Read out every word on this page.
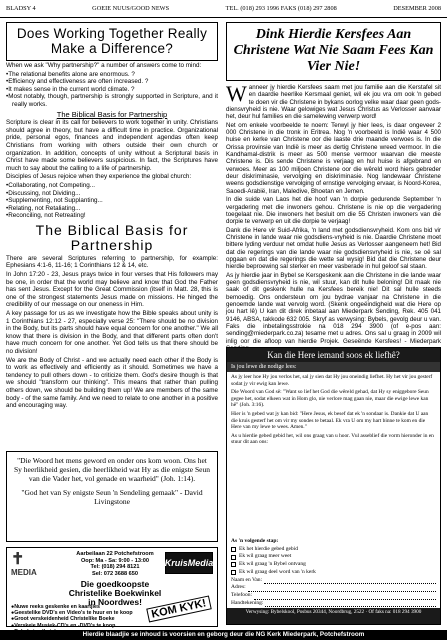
BLADSY 4	GOEIE NUUS/GOOD NEWS	TEL. (018) 293 1996 FAKS (018) 297 2808	DESEMBER 2008
Does Working Together Really Make a Difference?

When we ask "Why partnership?" a number of answers come to mind:

• The relational benefits alone are enormous. ?
• Efficiency and effectiveness are often increased. ?
• It makes sense in the current world climate. ?
• Most notably, though, partnership is strongly supported in Scripture, and it really works.
The Biblical Basis for Partnership

Scripture is clear in its call for believers to work together in unity. Christians should agree in theory, but have a difficult time in practice. Organizational pride, personal egos, finances and independent agendas often keep Christians from working with others outside their own church or organization. In addition, concepts of unity without a Scriptural basis in Christ have made some believers suspicious. In fact, the Scriptures have much to say about the calling to a life of partnership.

Disciples of Jesus rejoice when they experience the global church:

• Collaborating, not Competing...
• Discussing, not Dividing...
• Supplementing, not Supplanting...
• Relating, not Retaliating...
• Reconciling, not Retreating!
The Biblical Basis for Partnership

There are several Scriptures referring to partnership, for example: Ephesians 4:1-6, 11-16; 1 Corinthians 12 & 14, etc.

In John 17:20 - 23, Jesus prays twice in four verses that His followers may be one, in order that the world may believe and know that God the Father has sent Jesus. Except for the Great Commission (itself in Matt. 28, this is one of the strongest statements Jesus made on missions. He hinged the credibility of our message on our oneness in Him.

A key passage for us as we investigate how the Bible speaks about unity is 1 Corinthians 12:12 - 27, especially verse 25: "There should be no division in the Body, but its parts should have equal concern for one another." We all know that there is division in the Body, and that different parts often don't have much concern for one another. Yet God tells us that there should be no division!

We are the Body of Christ - and we actually need each other if the Body is to work as effectively and efficiently as it should. Sometimes we have a tendency to pull others down - to criticize them. God's desire though is that we should "transform our thinking". This means that rather than pulling others down, we should be building them up! We are members of the same body - of the same family. And we need to relate to one another in a positive and encouraging way.

"Die Woord het mens geword en onder ons kom woon. Ons het Sy heerlikheid gesien, die heerlikheid wat Hy as die enigste Seun van die Vader het, vol genade en waarheid" (Joh. 1:14).

"God het van Sy enigste Seun 'n Sendeling gemaak" - David Livingstone

✝
MEDIA
Aarbeilaan 22 Potchefstroom
Oop: Ma - Sa: 9:00 - 13:00
Tel: (018) 294 8121
Sel: 072 3688 650
KruisMedia
Die goedkoopste Christelike Boekwinkel in Noordwes!
● Nuwe reeks geskenke en kaartjies
● Geestelike DVD's en Video's te huur en te koop
● Groot verskeidenheid Christelike Boeke
● Verskeie Musiek-CD's en -DVD's te koop
●
KOM KYK!
Dink Hierdie Kersfees Aan Christene Wat Nie Saam Fees Kan Vier Nie!

Wanneer jy hierdie Kersfees saam met jou familie aan die Kerstafel sit en daardie heerlike Kersmaal geniet, wil ek jou vra om ook 'n gebed te doen vir die Christene in bykans oorlog velke waar daar geen gods-diensvryheid is nie. Waar gelowiges wat Jesus Christus as Verlosser aanvaar het, deur hul families en die samelewing verwerp word!

Net om enkele voorbeelde te noem: Terwyl jy hier lees, is daar ongeveer 2 000 Christene in die tronk in Eritrea. Nog 'n voorbeeld is Indië waar 4 500 huise en kerke van Christene oor die laaste drie maande verwoes is. In die Orissa provinsie van Indië is meer as dertig Christene wreed vermoor. In die Kandhamal-distrik is meer as 500 mense vermoor waarvan die meeste Christene is. Dis sende Christene is verjaag en hul huise is afgebrand en verwoes. Meer as 100 miljoen Christene oor die wêreld word hiers gebreder deur diskriminasie, vervolging en diskriminasie. Nog landewaar Christene weens godsdienstige vervolging of ernstige vervolging ervaar, is Noord-Korea, Saoedi-Arabië, Iran, Maledive, Bhoetan en Jemen.

In die suide van Laos het die hoof van 'n dorpie gedurende September 'n vergadering met die inwoners gehou. Christene is nie op die vergadering toegelaat nie. Die inwoners het besluit om die 55 Christen inwoners van die dorpie te verwerp en uit die dorpie te verjaag!

Dank die Here vir Suid-Afrika, 'n land met godsdiensvryheid. Kom ons bid vir Christene in lande waar nie godsdiens-vryheid is nie. Daardie Christene moet bittere lyding verduur net omdat hulle Jesus as Verlosser aangeneem het! Bid dat die regerings van die lande waar nie godsdiensvryheid is nie, se oë sal opgaan en dat die regerings die wette sal wysig! Bid dat die Christene deur hierdie beproewing sal sterker en meer vasberade in hul geloof sal staan.

As jy hierdie jaar in Bybel se Kersgeskenk aan die Christene in die lande waar geen godsdiensvryheid is nie, wil stuur, kan dit hulle beloning! Dit maak nie saak of dit geskenk hulle na Kersfees bereik nie! Dit sal hulle steeds bemoedig. Ons ondersteun om jou bydrae vanjaar na Christene in die genoemde lande wat vervolg word. (Skenk ongeëindigheid wat die Here op jou hart lê) U kan dit direk inbetaal aan Miederpark Sending, Rek. 405 041 9146, ABSA, takkode 632 005. Skryf as verwysing: Bybels, gevolg deur u van. Faks die inbetalingsstrokie na 018 294 3900 (of e-pos aan: sending@miederpark.co.za) tesame met u adres. Ons sal u graag in 2009 wil inlig oor die afloop van hierdie Projek. Geseënde Kersfees! - Miederpark

Kan die Here iemand soos ek liefhê?
Is jou lewe die nodige lees:

As jy leer hoe Hy jou verlos het, sal jy sien dat Hy jou oneindig liefhet. Hy het vir jou gesterf sodat jy vir ewig kan lewe.

Die Woord van God sê: "Want so lief het God die wêreld gehad, dat Hy sy eniggebore Seun gegee het, sodat elkeen wat in Hom glo, nie verlore mag gaan nie, maar die ewige lewe kan hê" (Joh. 3:16).

Hier is 'n gebed wat jy kan bid: "Here Jesus, ek besef dat ek 'n sondaar is. Dankie dat U aan die kruis gesterf het om vir my sondes te betaal. Ek vra U om my hart binne te kom en die Here van my lewe te wees. Amen."

As u hierdie gebed gebid het, wil ons graag van u hoor. Vul asseblief die vorm hieronder in en stuur dit aan ons:

As 'n volgende stap:
Ek het hierdie gebed gebid
Ek wil graag meer weet
Ek wil graag 'n Bybel ontvang
Ek wil graag deel word van 'n kerk
Naam en Van:
Adres:
Telefoon:
Handtekening:
Verwysing: Bybelskool, Posbus 20344, Noordbrug, 2522 · Of faks na: 018 294 3900
Hierdie blaadjie se inhoud is voorsien en geborg deur die NG Kerk Miederpark, Potchefstroom
